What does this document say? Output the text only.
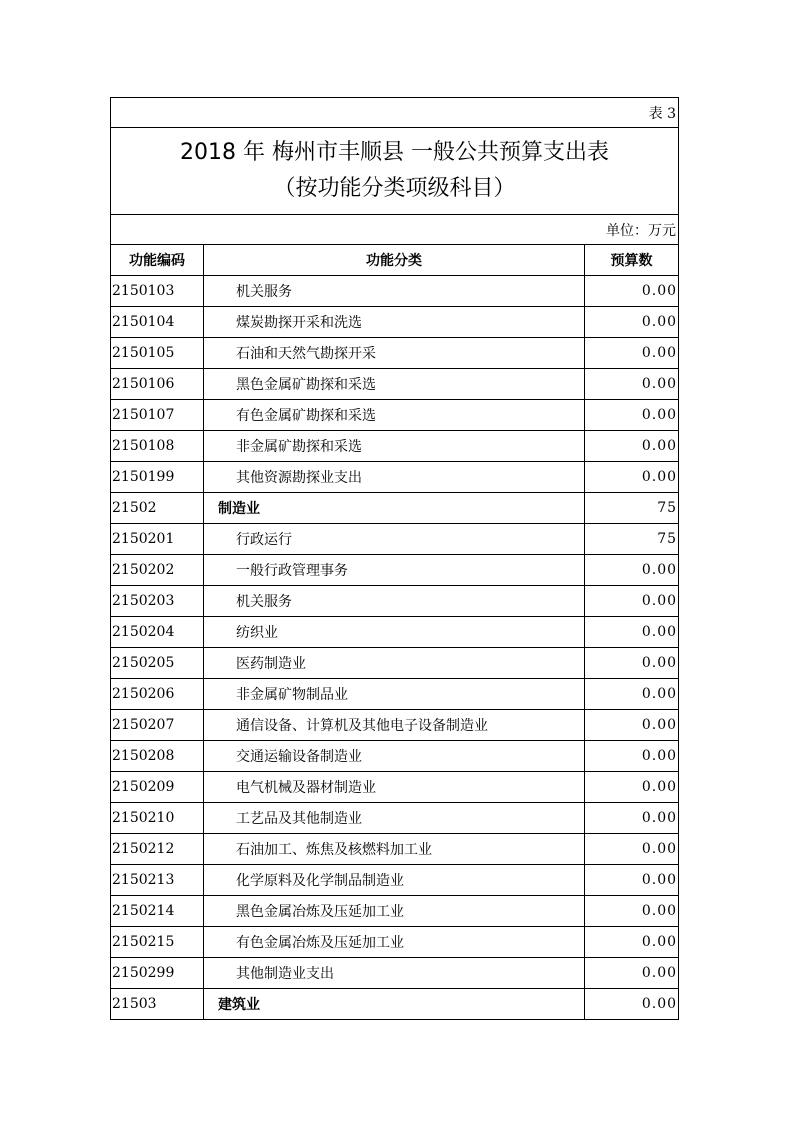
表 3		

2018 年 梅州市丰顺县 一般公共预算支出表
（按功能分类项级科目）		

单位：万元		
功能编码	功能分类	预算数
2150103	机关服务	0.00
2150104	煤炭勘探开采和洗选	0.00
2150105	石油和天然气勘探开采	0.00
2150106	黑色金属矿勘探和采选	0.00
2150107	有色金属矿勘探和采选	0.00
2150108	非金属矿勘探和采选	0.00
2150199	其他资源勘探业支出	0.00
21502	制造业	75
2150201	行政运行	75
2150202	一般行政管理事务	0.00
2150203	机关服务	0.00
2150204	纺织业	0.00
2150205	医药制造业	0.00
2150206	非金属矿物制品业	0.00
2150207	通信设备、计算机及其他电子设备制造业	0.00
2150208	交通运输设备制造业	0.00
2150209	电气机械及器材制造业	0.00
2150210	工艺品及其他制造业	0.00
2150212	石油加工、炼焦及核燃料加工业	0.00
2150213	化学原料及化学制品制造业	0.00
2150214	黑色金属冶炼及压延加工业	0.00
2150215	有色金属冶炼及压延加工业	0.00
2150299	其他制造业支出	0.00
21503	建筑业	0.00
